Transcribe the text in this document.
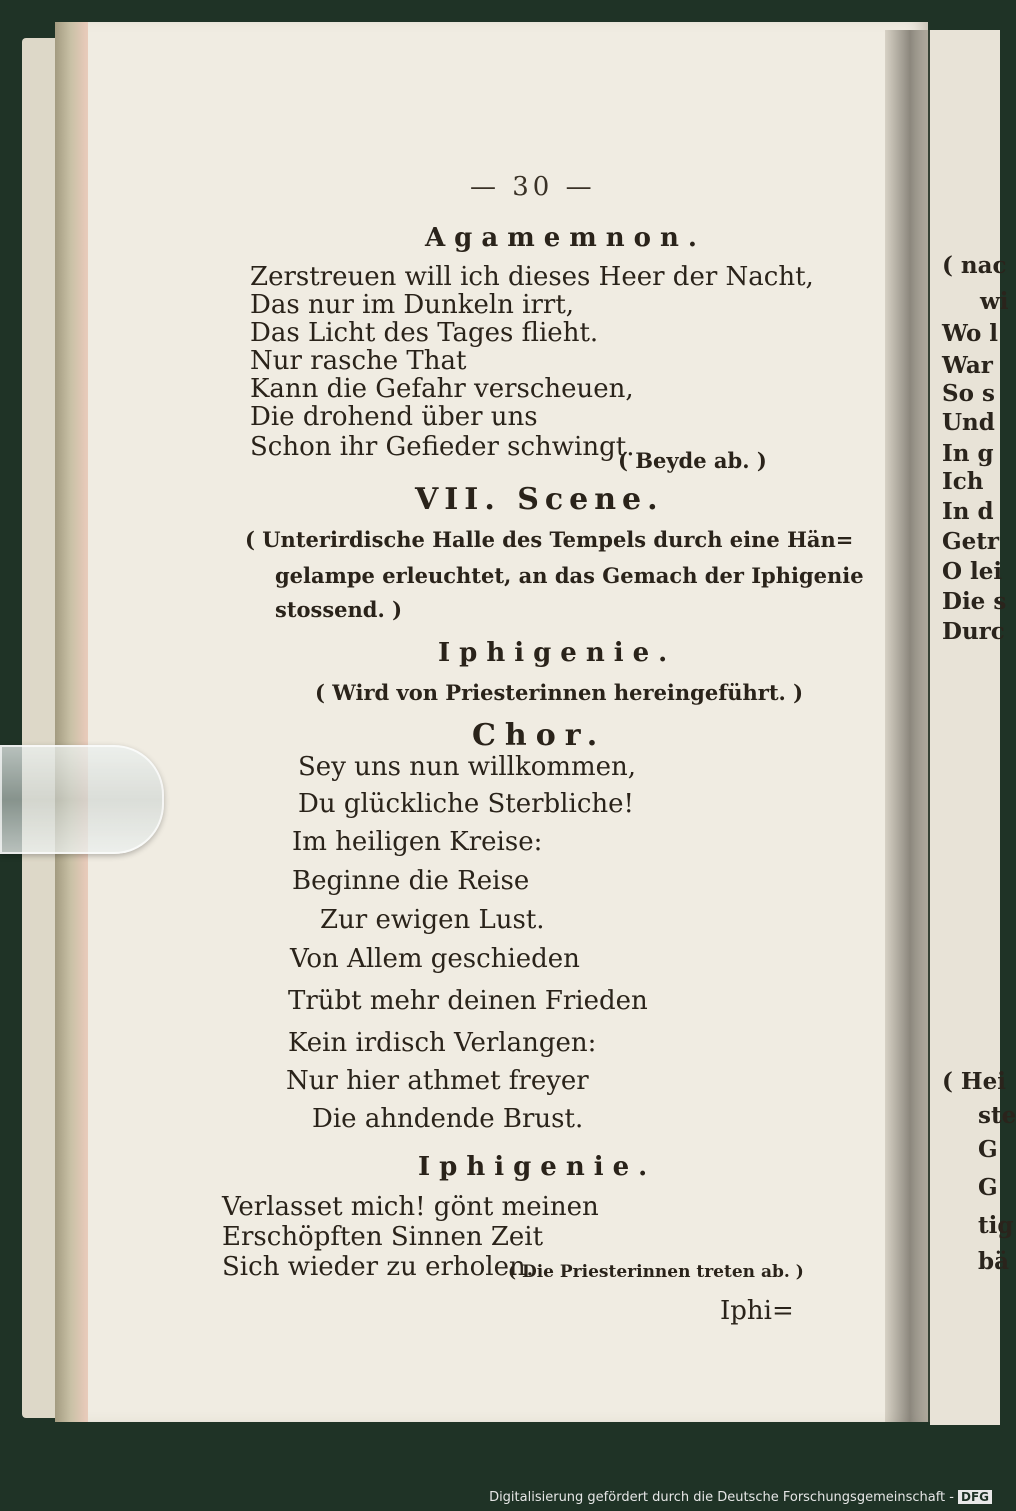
( nac
wi
Wo l
War
So s
Und
In g
Ich
In d
Getr
O lei
Die s
Durc
( Hei
ste
G
G
tig
bä
— 30 —
Agamemnon.
Zerstreuen will ich dieses Heer der Nacht,
Das nur im Dunkeln irrt,
Das Licht des Tages flieht.
Nur rasche That
Kann die Gefahr verscheuen,
Die drohend über uns
Schon ihr Gefieder schwingt.
( Beyde ab. )
VII. Scene.
( Unterirdische Halle des Tempels durch eine Hän=
gelampe erleuchtet, an das Gemach der Iphigenie
stossend. )
Iphigenie.
( Wird von Priesterinnen hereingeführt. )
Chor.
Sey uns nun willkommen,
Du glückliche Sterbliche!
Im heiligen Kreise:
Beginne die Reise
Zur ewigen Lust.
Von Allem geschieden
Trübt mehr deinen Frieden
Kein irdisch Verlangen:
Nur hier athmet freyer
Die ahndende Brust.
Iphigenie.
Verlasset mich! gönt meinen
Erschöpften Sinnen Zeit
Sich wieder zu erholen.
( Die Priesterinnen treten ab. )
Iphi=
Digitalisierung gefördert durch die Deutsche Forschungsgemeinschaft - DFG
